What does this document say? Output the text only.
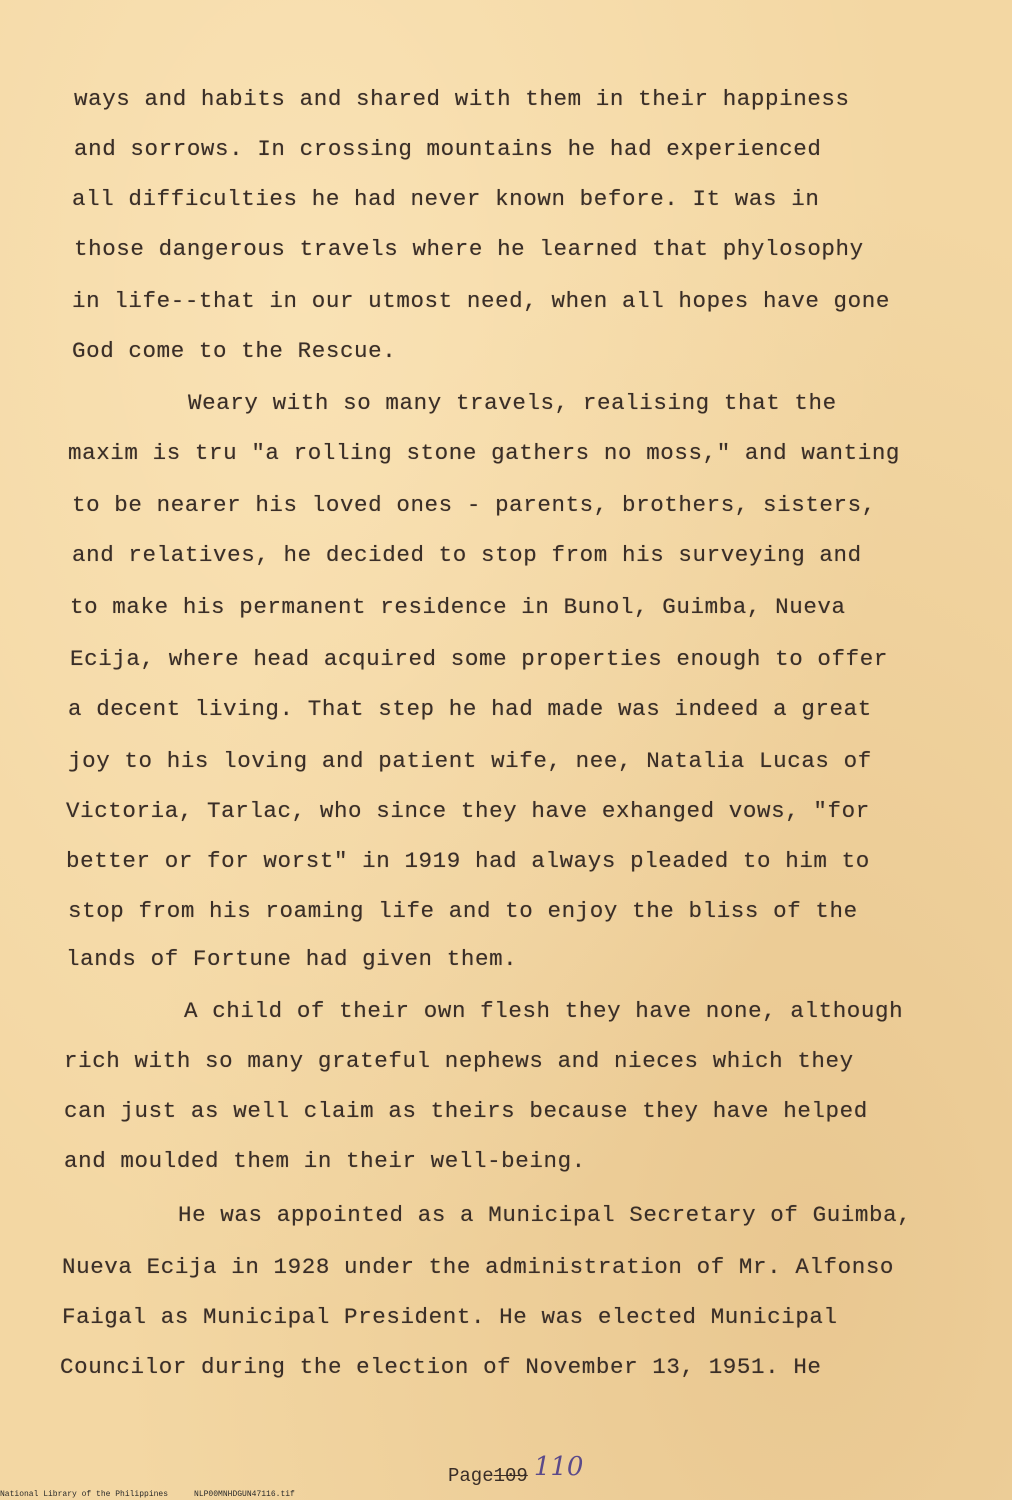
ways and habits and shared with them in their happiness
and sorrows. In crossing mountains he had experienced
all difficulties he had never known before. It was in
those dangerous travels where he learned that phylosophy
in life--that in our utmost need, when all hopes have gone
God come to the Rescue.
Weary with so many travels, realising that the
maxim is tru "a rolling stone gathers no moss," and wanting
to be nearer his loved ones - parents, brothers, sisters,
and relatives, he decided to stop from his surveying and
to make his permanent residence in Bunol, Guimba, Nueva
Ecija, where head acquired some properties enough to offer
a decent living. That step he had made was indeed a great
joy to his loving and patient wife, nee, Natalia Lucas of
Victoria, Tarlac, who since they have exhanged vows, "for
better or for worst" in 1919 had always pleaded to him to
stop from his roaming life and to enjoy the bliss of the
lands of Fortune had given them.
A child of their own flesh they have none, although
rich with so many grateful nephews and nieces which they
can just as well claim as theirs because they have helped
and moulded them in their well-being.
He was appointed as a Municipal Secretary of Guimba,
Nueva Ecija in 1928 under the administration of Mr. Alfonso
Faigal as Municipal President. He was elected Municipal
Councilor during the election of November 13, 1951. He
Page109 110
National Library of the Philippines	NLP00MNHDGUN47116.tif
